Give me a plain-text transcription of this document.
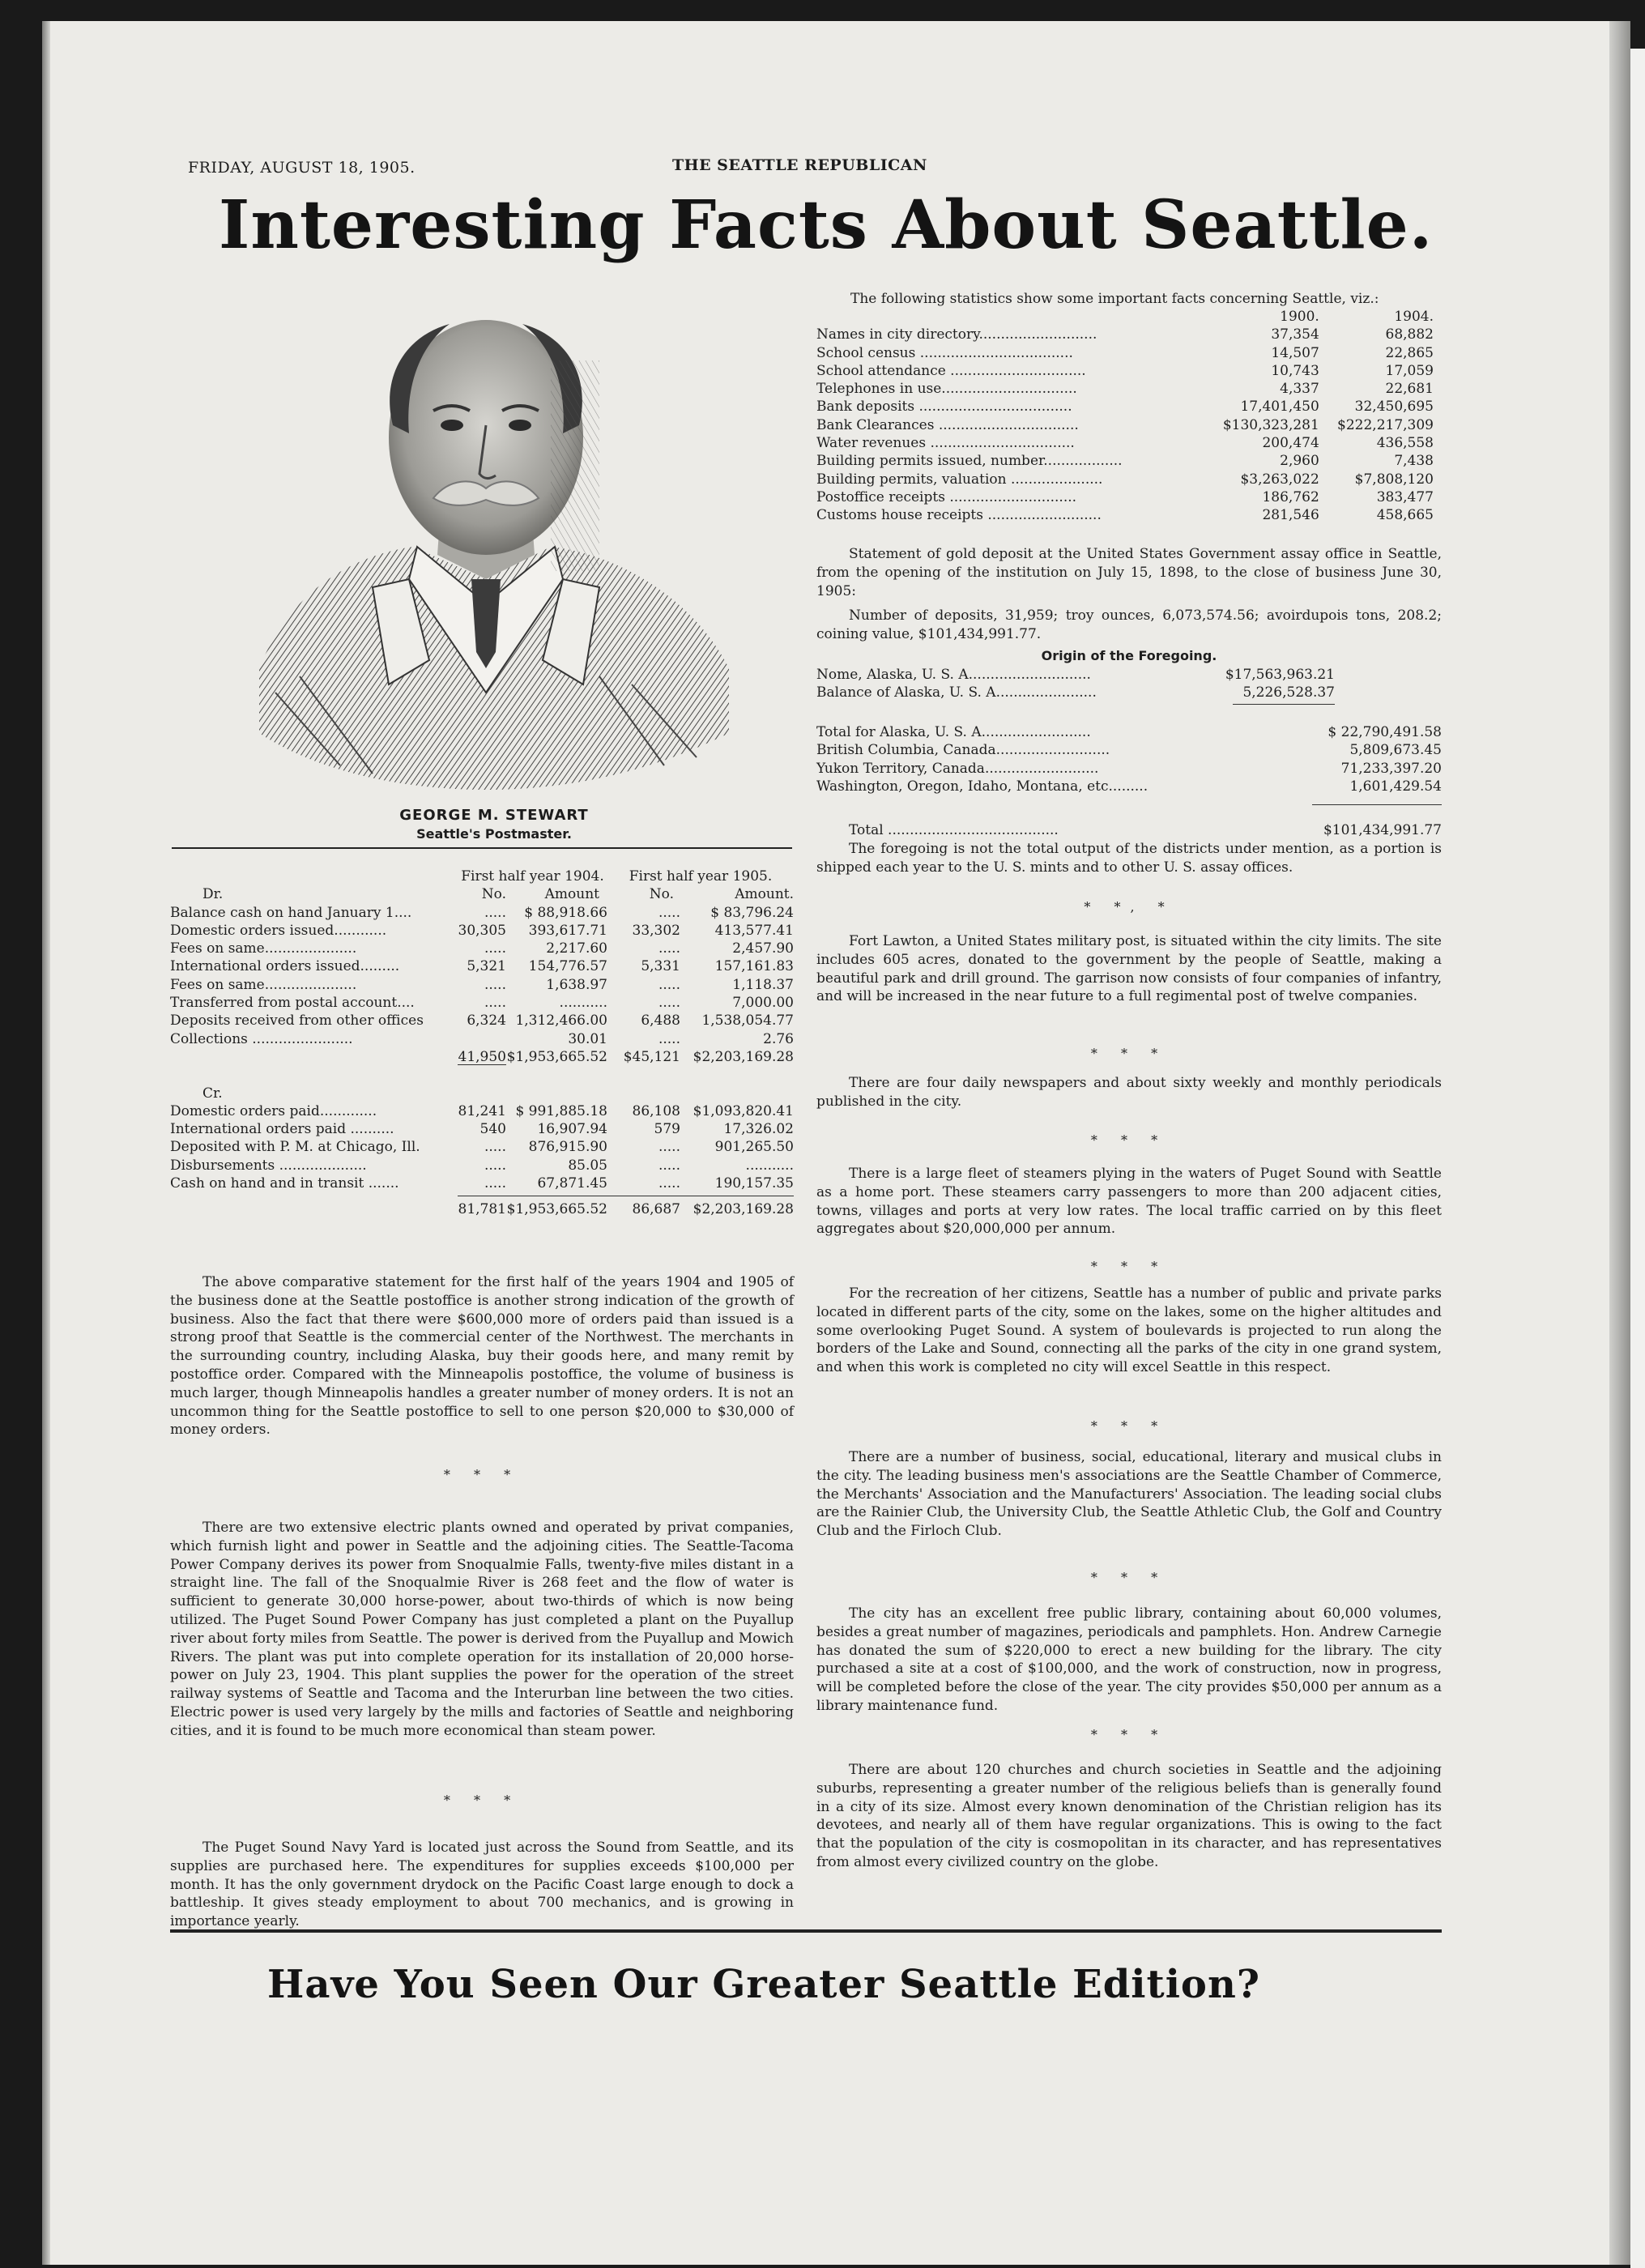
FRIDAY, AUGUST 18, 1905.	THE SEATTLE REPUBLICAN
Interesting Facts About Seattle.
GEORGE M. STEWART
Seattle's Postmaster.
	First half year 1904.		First half year 1905.	
Dr.	No.	Amount	No.	Amount.
Balance cash on hand January 1....	.....	$ 88,918.66	.....	$ 83,796.24
Domestic orders issued............	30,305	393,617.71	33,302	413,577.41
Fees on same.....................	.....	2,217.60	.....	2,457.90
International orders issued.........	5,321	154,776.57	5,331	157,161.83
Fees on same.....................	.....	1,638.97	.....	1,118.37
Transferred from postal account....	.....	...........	.....	7,000.00
Deposits received from other offices	6,324	1,312,466.00	6,488	1,538,054.77
Collections .......................		30.01	.....	2.76
	41,950	$1,953,665.52	$45,121	$2,203,169.28

Cr.				
Domestic orders paid.............	81,241	$ 991,885.18	86,108	$1,093,820.41
International orders paid ..........	540	16,907.94	579	17,326.02
Deposited with P. M. at Chicago, Ill.	.....	876,915.90	.....	901,265.50
Disbursements ....................	.....	85.05	.....	...........
Cash on hand and in transit .......	.....	67,871.45	.....	190,157.35

	81,781	$1,953,665.52	86,687	$2,203,169.28
The above comparative statement for the first half of the years 1904 and 1905 of the business done at the Seattle postoffice is another strong indication of the growth of business. Also the fact that there were $600,000 more of orders paid than issued is a strong proof that Seattle is the commercial center of the Northwest. The merchants in the surrounding country, including Alaska, buy their goods here, and many remit by postoffice order. Compared with the Minneapolis postoffice, the volume of business is much larger, though Minneapolis handles a greater number of money orders. It is not an uncommon thing for the Seattle postoffice to sell to one person $20,000 to $30,000 of money orders.
* * *
There are two extensive electric plants owned and operated by privat companies, which furnish light and power in Seattle and the adjoining cities. The Seattle-Tacoma Power Company derives its power from Snoqualmie Falls, twenty-five miles distant in a straight line. The fall of the Snoqualmie River is 268 feet and the flow of water is sufficient to generate 30,000 horse-power, about two-thirds of which is now being utilized. The Puget Sound Power Company has just completed a plant on the Puyallup river about forty miles from Seattle. The power is derived from the Puyallup and Mowich Rivers. The plant was put into complete operation for its installation of 20,000 horse-power on July 23, 1904. This plant supplies the power for the operation of the street railway systems of Seattle and Tacoma and the Interurban line between the two cities. Electric power is used very largely by the mills and factories of Seattle and neighboring cities, and it is found to be much more economical than steam power.
* * *
The Puget Sound Navy Yard is located just across the Sound from Seattle, and its supplies are purchased here. The expenditures for supplies exceeds $100,000 per month. It has the only government drydock on the Pacific Coast large enough to dock a battleship. It gives steady employment to about 700 mechanics, and is growing in importance yearly.
The following statistics show some important facts concerning Seattle, viz.:
	1900.	1904.
Names in city directory...........................	37,354	68,882
School census ...................................	14,507	22,865
School attendance ...............................	10,743	17,059
Telephones in use...............................	4,337	22,681
Bank deposits ...................................	17,401,450	32,450,695
Bank Clearances ................................	$130,323,281	$222,217,309
Water revenues .................................	200,474	436,558
Building permits issued, number..................	2,960	7,438
Building permits, valuation .....................	$3,263,022	$7,808,120
Postoffice receipts .............................	186,762	383,477
Customs house receipts ..........................	281,546	458,665
Statement of gold deposit at the United States Government assay office in Seattle, from the opening of the institution on July 15, 1898, to the close of business June 30, 1905:
Number of deposits, 31,959; troy ounces, 6,073,574.56; avoirdupois tons, 208.2; coining value, $101,434,991.77.
Origin of the Foregoing.
Nome, Alaska, U. S. A............................	$17,563,963.21
Balance of Alaska, U. S. A.......................	5,226,528.37
Total for Alaska, U. S. A.........................	$ 22,790,491.58
British Columbia, Canada..........................	5,809,673.45
Yukon Territory, Canada..........................	71,233,397.20
Washington, Oregon, Idaho, Montana, etc.........	1,601,429.54
Total .......................................	$101,434,991.77
The foregoing is not the total output of the districts under mention, as a portion is shipped each year to the U. S. mints and to other U. S. assay offices.
* *, *
Fort Lawton, a United States military post, is situated within the city limits. The site includes 605 acres, donated to the government by the people of Seattle, making a beautiful park and drill ground. The garrison now consists of four companies of infantry, and will be increased in the near future to a full regimental post of twelve companies.
* * *
There are four daily newspapers and about sixty weekly and monthly periodicals published in the city.
* * *
There is a large fleet of steamers plying in the waters of Puget Sound with Seattle as a home port. These steamers carry passengers to more than 200 adjacent cities, towns, villages and ports at very low rates. The local traffic carried on by this fleet aggregates about $20,000,000 per annum.
* * *
For the recreation of her citizens, Seattle has a number of public and private parks located in different parts of the city, some on the lakes, some on the higher altitudes and some overlooking Puget Sound. A system of boulevards is projected to run along the borders of the Lake and Sound, connecting all the parks of the city in one grand system, and when this work is completed no city will excel Seattle in this respect.
* * *
There are a number of business, social, educational, literary and musical clubs in the city. The leading business men's associations are the Seattle Chamber of Commerce, the Merchants' Association and the Manufacturers' Association. The leading social clubs are the Rainier Club, the University Club, the Seattle Athletic Club, the Golf and Country Club and the Firloch Club.
* * *
The city has an excellent free public library, containing about 60,000 volumes, besides a great number of magazines, periodicals and pamphlets. Hon. Andrew Carnegie has donated the sum of $220,000 to erect a new building for the library. The city purchased a site at a cost of $100,000, and the work of construction, now in progress, will be completed before the close of the year. The city provides $50,000 per annum as a library maintenance fund.
* * *
There are about 120 churches and church societies in Seattle and the adjoining suburbs, representing a greater number of the religious beliefs than is generally found in a city of its size. Almost every known denomination of the Christian religion has its devotees, and nearly all of them have regular organizations. This is owing to the fact that the population of the city is cosmopolitan in its character, and has representatives from almost every civilized country on the globe.
Have You Seen Our Greater Seattle Edition?
